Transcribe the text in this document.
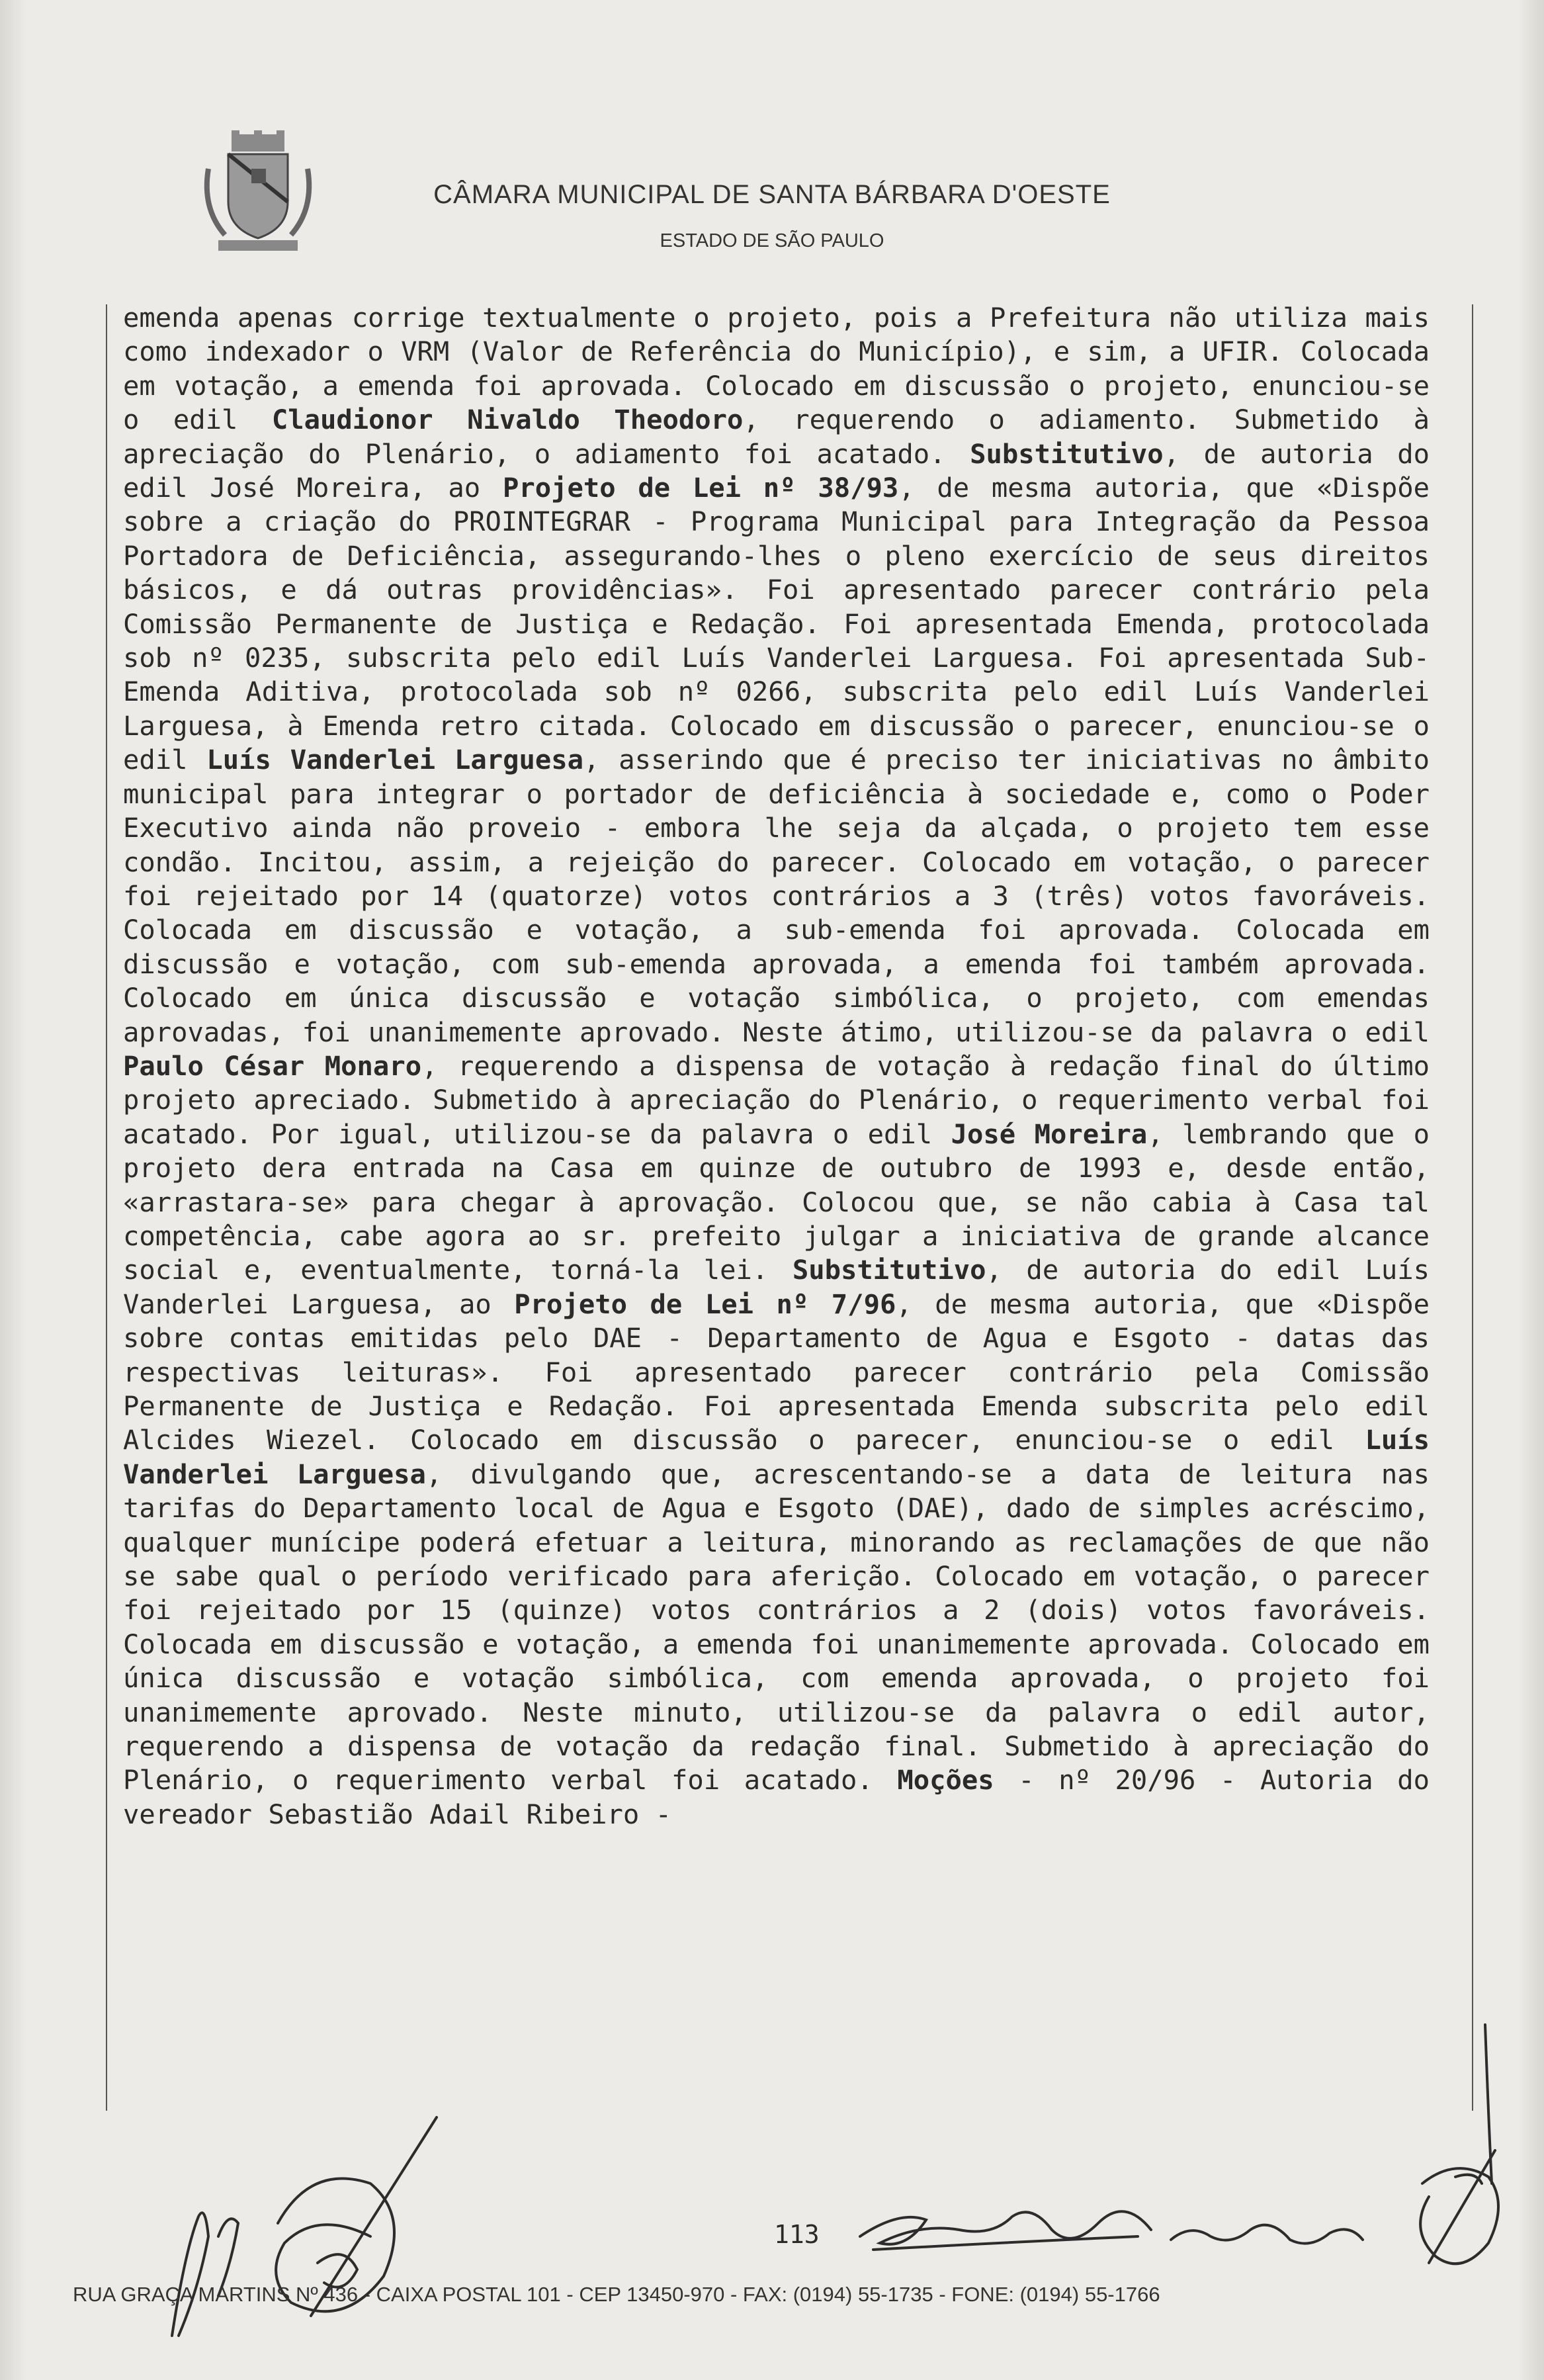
CÂMARA MUNICIPAL DE SANTA BÁRBARA D'OESTE
ESTADO DE SÃO PAULO

emenda apenas corrige textualmente o projeto, pois a Prefeitura não utiliza mais como indexador o VRM (Valor de Referência do Município), e sim, a UFIR. Colocada em votação, a emenda foi aprovada. Colocado em discussão o projeto, enunciou-se o edil Claudionor Nivaldo Theodoro, requerendo o adiamento. Submetido à apreciação do Plenário, o adiamento foi acatado. Substitutivo, de autoria do edil José Moreira, ao Projeto de Lei nº 38/93, de mesma autoria, que «Dispõe sobre a criação do PROINTEGRAR - Programa Municipal para Integração da Pessoa Portadora de Deficiência, assegurando-lhes o pleno exercício de seus direitos básicos, e dá outras providências». Foi apresentado parecer contrário pela Comissão Permanente de Justiça e Redação. Foi apresentada Emenda, protocolada sob nº 0235, subscrita pelo edil Luís Vanderlei Larguesa. Foi apresentada Sub-Emenda Aditiva, protocolada sob nº 0266, subscrita pelo edil Luís Vanderlei Larguesa, à Emenda retro citada. Colocado em discussão o parecer, enunciou-se o edil Luís Vanderlei Larguesa, asserindo que é preciso ter iniciativas no âmbito municipal para integrar o portador de deficiência à sociedade e, como o Poder Executivo ainda não proveio - embora lhe seja da alçada, o projeto tem esse condão. Incitou, assim, a rejeição do parecer. Colocado em votação, o parecer foi rejeitado por 14 (quatorze) votos contrários a 3 (três) votos favoráveis. Colocada em discussão e votação, a sub-emenda foi aprovada. Colocada em discussão e votação, com sub-emenda aprovada, a emenda foi também aprovada. Colocado em única discussão e votação simbólica, o projeto, com emendas aprovadas, foi unanimemente aprovado. Neste átimo, utilizou-se da palavra o edil Paulo César Monaro, requerendo a dispensa de votação à redação final do último projeto apreciado. Submetido à apreciação do Plenário, o requerimento verbal foi acatado. Por igual, utilizou-se da palavra o edil José Moreira, lembrando que o projeto dera entrada na Casa em quinze de outubro de 1993 e, desde então, «arrastara-se» para chegar à aprovação. Colocou que, se não cabia à Casa tal competência, cabe agora ao sr. prefeito julgar a iniciativa de grande alcance social e, eventualmente, torná-la lei. Substitutivo, de autoria do edil Luís Vanderlei Larguesa, ao Projeto de Lei nº 7/96, de mesma autoria, que «Dispõe sobre contas emitidas pelo DAE - Departamento de Agua e Esgoto - datas das respectivas leituras». Foi apresentado parecer contrário pela Comissão Permanente de Justiça e Redação. Foi apresentada Emenda subscrita pelo edil Alcides Wiezel. Colocado em discussão o parecer, enunciou-se o edil Luís Vanderlei Larguesa, divulgando que, acrescentando-se a data de leitura nas tarifas do Departamento local de Agua e Esgoto (DAE), dado de simples acréscimo, qualquer munícipe poderá efetuar a leitura, minorando as reclamações de que não se sabe qual o período verificado para aferição. Colocado em votação, o parecer foi rejeitado por 15 (quinze) votos contrários a 2 (dois) votos favoráveis. Colocada em discussão e votação, a emenda foi unanimemente aprovada. Colocado em única discussão e votação simbólica, com emenda aprovada, o projeto foi unanimemente aprovado. Neste minuto, utilizou-se da palavra o edil autor, requerendo a dispensa de votação da redação final. Submetido à apreciação do Plenário, o requerimento verbal foi acatado. Moções - nº 20/96 - Autoria do vereador Sebastião Adail Ribeiro -

113
RUA GRAÇA MARTINS Nº 436 - CAIXA POSTAL 101 - CEP 13450-970 - FAX: (0194) 55-1735 - FONE: (0194) 55-1766
